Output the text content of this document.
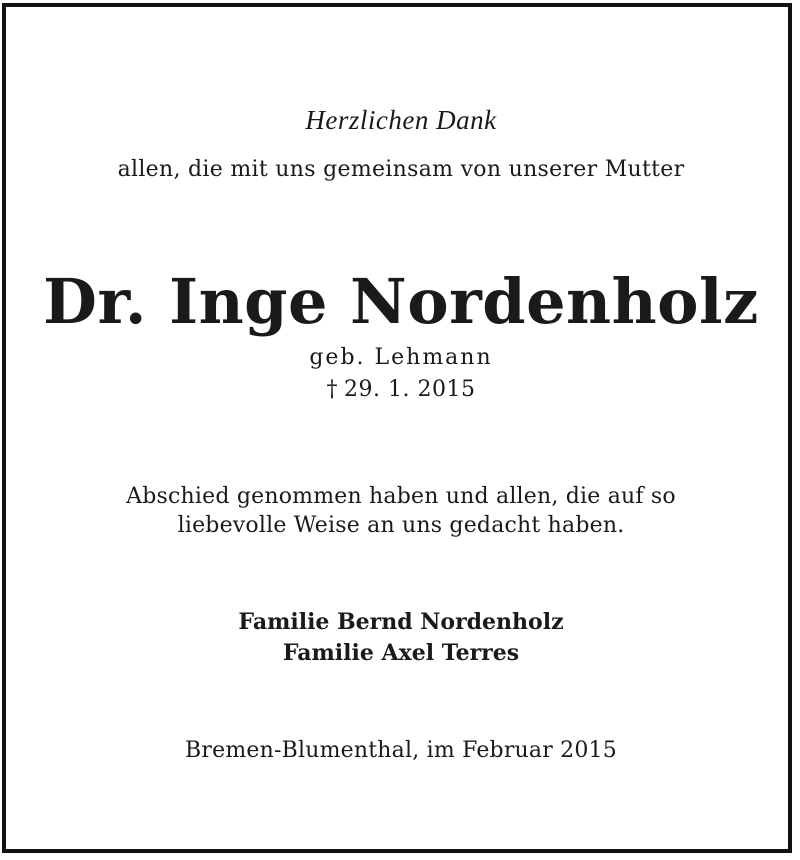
Herzlichen Dank
allen, die mit uns gemeinsam von unserer Mutter
Dr. Inge Nordenholz
geb. Lehmann
† 29. 1. 2015
Abschied genommen haben und allen, die auf so
liebevolle Weise an uns gedacht haben.
Familie Bernd Nordenholz
Familie Axel Terres
Bremen-Blumenthal, im Februar 2015
